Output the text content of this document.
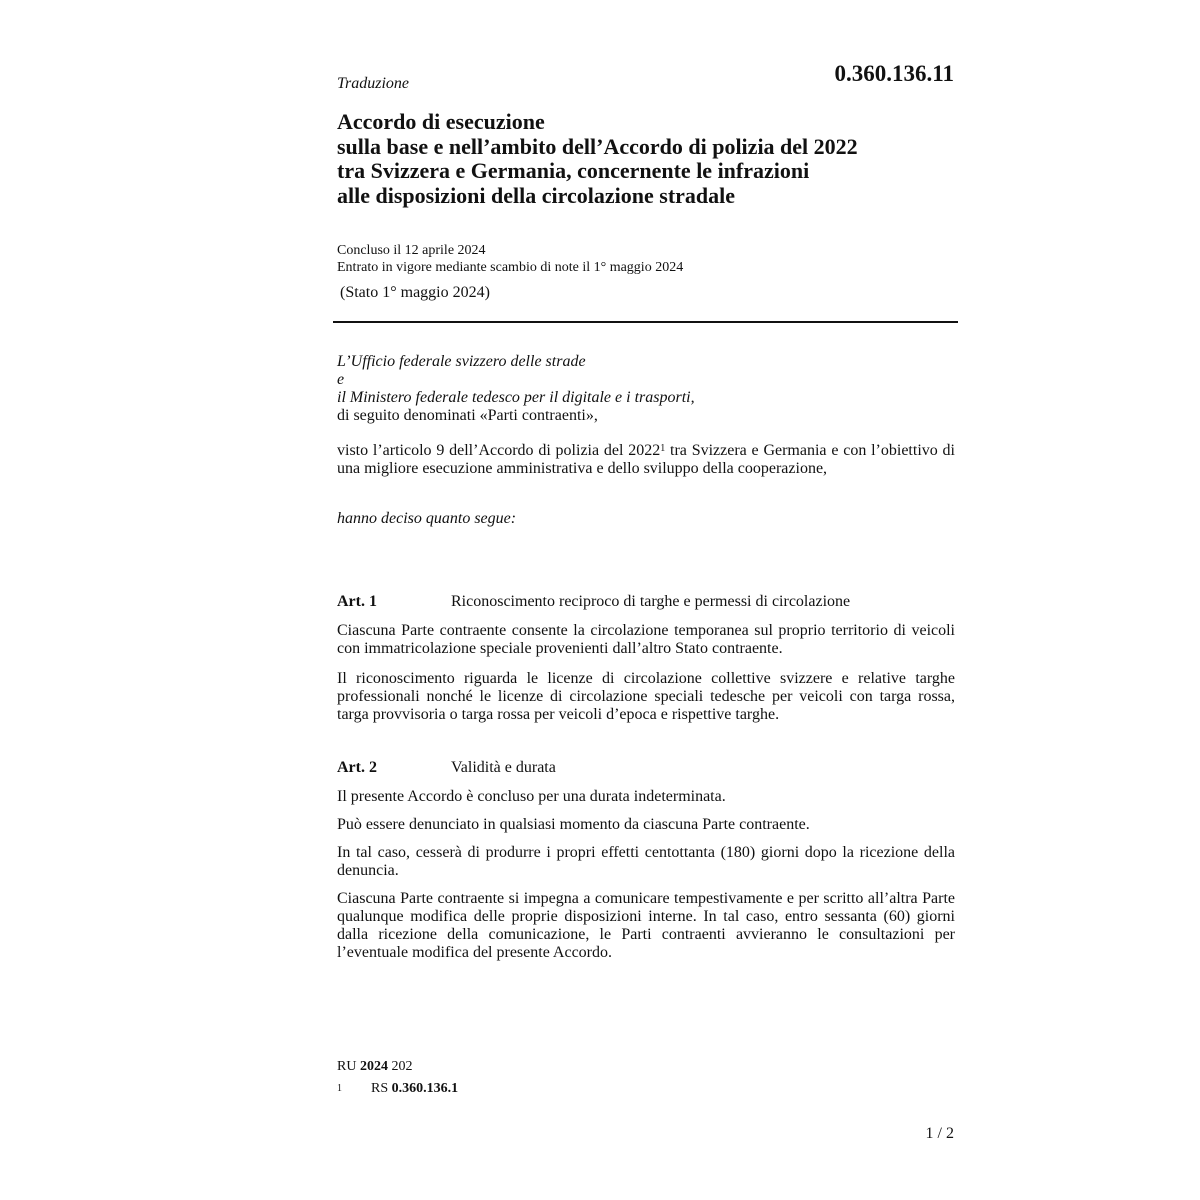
Traduzione	0.360.136.11
Accordo di esecuzione
sulla base e nell’ambito dell’Accordo di polizia del 2022
tra Svizzera e Germania, concernente le infrazioni
alle disposizioni della circolazione stradale
Concluso il 12 aprile 2024
Entrato in vigore mediante scambio di note il 1° maggio 2024
(Stato 1° maggio 2024)
L’Ufficio federale svizzero delle strade
e
il Ministero federale tedesco per il digitale e i trasporti,
di seguito denominati «Parti contraenti»,

visto l’articolo 9 dell’Accordo di polizia del 2022$^1$ tra Svizzera e Germania e con l’obiettivo di una migliore esecuzione amministrativa e dello sviluppo della cooperazione,

hanno deciso quanto segue:
Art. 1	Riconoscimento reciproco di targhe e permessi di circolazione

Ciascuna Parte contraente consente la circolazione temporanea sul proprio territorio di veicoli con immatricolazione speciale provenienti dall’altro Stato contraente.

Il riconoscimento riguarda le licenze di circolazione collettive svizzere e relative targhe professionali nonché le licenze di circolazione speciali tedesche per veicoli con targa rossa, targa provvisoria o targa rossa per veicoli d’epoca e rispettive targhe.

Art. 2	Validità e durata

Il presente Accordo è concluso per una durata indeterminata.

Può essere denunciato in qualsiasi momento da ciascuna Parte contraente.

In tal caso, cesserà di produrre i propri effetti centottanta (180) giorni dopo la ricezione della denuncia.

Ciascuna Parte contraente si impegna a comunicare tempestivamente e per scritto all’altra Parte qualunque modifica delle proprie disposizioni interne. In tal caso, entro sessanta (60) giorni dalla ricezione della comunicazione, le Parti contraenti avvieranno le consultazioni per l’eventuale modifica del presente Accordo.

RU 2024 202
1 RS 0.360.136.1
1 / 2
